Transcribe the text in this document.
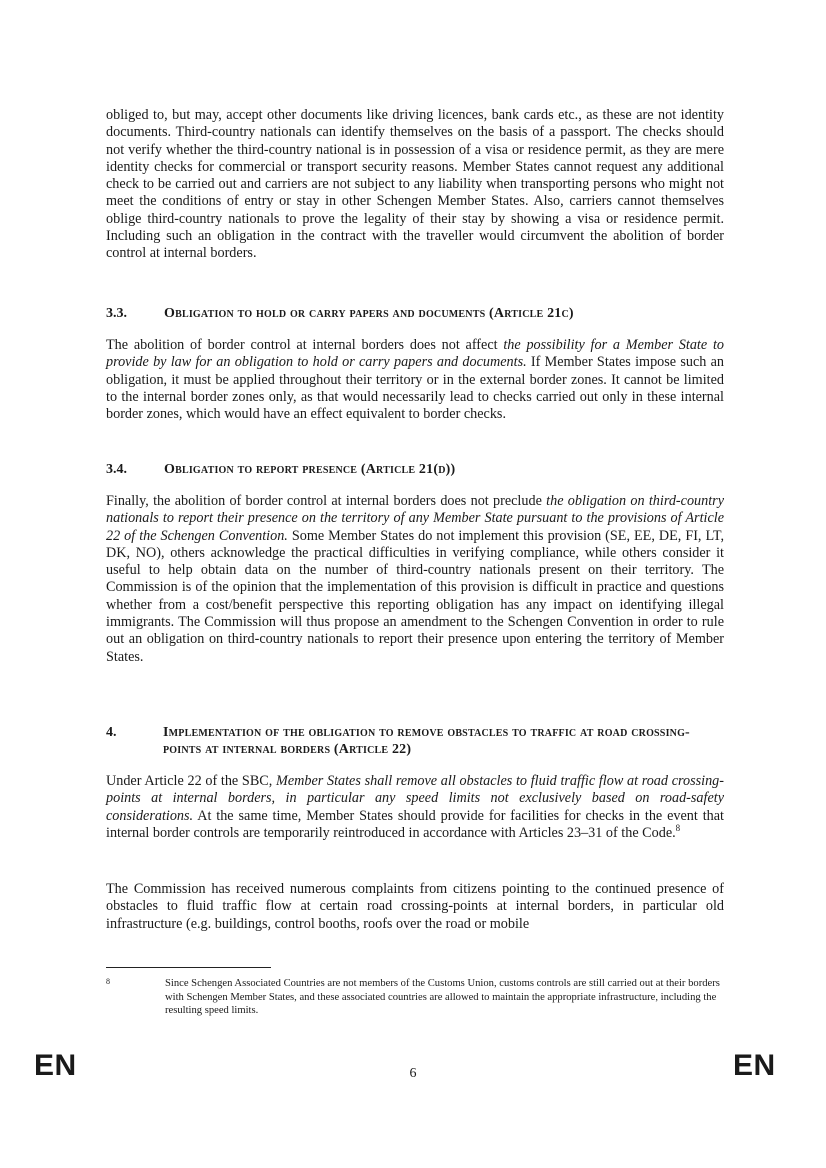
obliged to, but may, accept other documents like driving licences, bank cards etc., as these are not identity documents. Third-country nationals can identify themselves on the basis of a passport. The checks should not verify whether the third-country national is in possession of a visa or residence permit, as they are mere identity checks for commercial or transport security reasons. Member States cannot request any additional check to be carried out and carriers are not subject to any liability when transporting persons who might not meet the conditions of entry or stay in other Schengen Member States. Also, carriers cannot themselves oblige third-country nationals to prove the legality of their stay by showing a visa or residence permit. Including such an obligation in the contract with the traveller would circumvent the abolition of border control at internal borders.

3.3.	Obligation to hold or carry papers and documents (Article 21c)

The abolition of border control at internal borders does not affect the possibility for a Member State to provide by law for an obligation to hold or carry papers and documents. If Member States impose such an obligation, it must be applied throughout their territory or in the external border zones. It cannot be limited to the internal border zones only, as that would necessarily lead to checks carried out only in these internal border zones, which would have an effect equivalent to border checks.

3.4.	Obligation to report presence (Article 21(d))

Finally, the abolition of border control at internal borders does not preclude the obligation on third-country nationals to report their presence on the territory of any Member State pursuant to the provisions of Article 22 of the Schengen Convention. Some Member States do not implement this provision (SE, EE, DE, FI, LT, DK, NO), others acknowledge the practical difficulties in verifying compliance, while others consider it useful to help obtain data on the number of third-country nationals present on their territory. The Commission is of the opinion that the implementation of this provision is difficult in practice and questions whether from a cost/benefit perspective this reporting obligation has any impact on identifying illegal immigrants. The Commission will thus propose an amendment to the Schengen Convention in order to rule out an obligation on third-country nationals to report their presence upon entering the territory of Member States.

4.	Implementation of the obligation to remove obstacles to traffic at road crossing-points at internal borders (Article 22)

Under Article 22 of the SBC, Member States shall remove all obstacles to fluid traffic flow at road crossing-points at internal borders, in particular any speed limits not exclusively based on road-safety considerations. At the same time, Member States should provide for facilities for checks in the event that internal border controls are temporarily reintroduced in accordance with Articles 23–31 of the Code.$^8$

The Commission has received numerous complaints from citizens pointing to the continued presence of obstacles to fluid traffic flow at certain road crossing-points at internal borders, in particular old infrastructure (e.g. buildings, control booths, roofs over the road or mobile

8	Since Schengen Associated Countries are not members of the Customs Union, customs controls are still carried out at their borders with Schengen Member States, and these associated countries are allowed to maintain the appropriate infrastructure, including the resulting speed limits.
EN	6	EN
